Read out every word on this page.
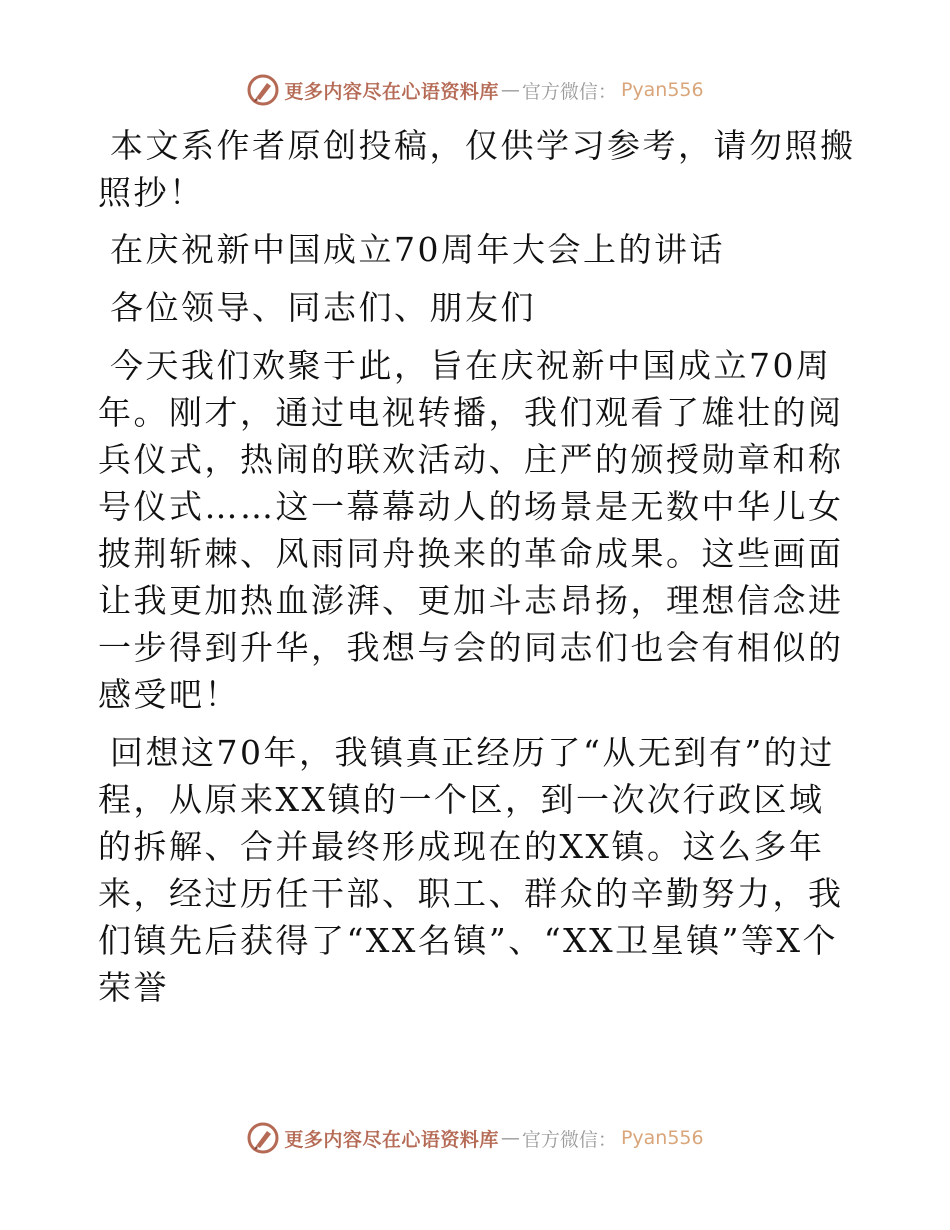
更多内容尽在心语资料库 — 官方微信： Pyan556

本文系作者原创投稿，仅供学习参考，请勿照搬照抄！

在庆祝新中国成立70周年大会上的讲话

各位领导、同志们、朋友们

今天我们欢聚于此，旨在庆祝新中国成立70周年。刚才，通过电视转播，我们观看了雄壮的阅兵仪式，热闹的联欢活动、庄严的颁授勋章和称号仪式……这一幕幕动人的场景是无数中华儿女披荆斩棘、风雨同舟换来的革命成果。这些画面让我更加热血澎湃、更加斗志昂扬，理想信念进一步得到升华，我想与会的同志们也会有相似的感受吧！

回想这70年，我镇真正经历了“从无到有”的过程，从原来XX镇的一个区，到一次次行政区域的拆解、合并最终形成现在的XX镇。这么多年来，经过历任干部、职工、群众的辛勤努力，我们镇先后获得了“XX名镇”、“XX卫星镇”等X个荣誉

更多内容尽在心语资料库 — 官方微信： Pyan556
